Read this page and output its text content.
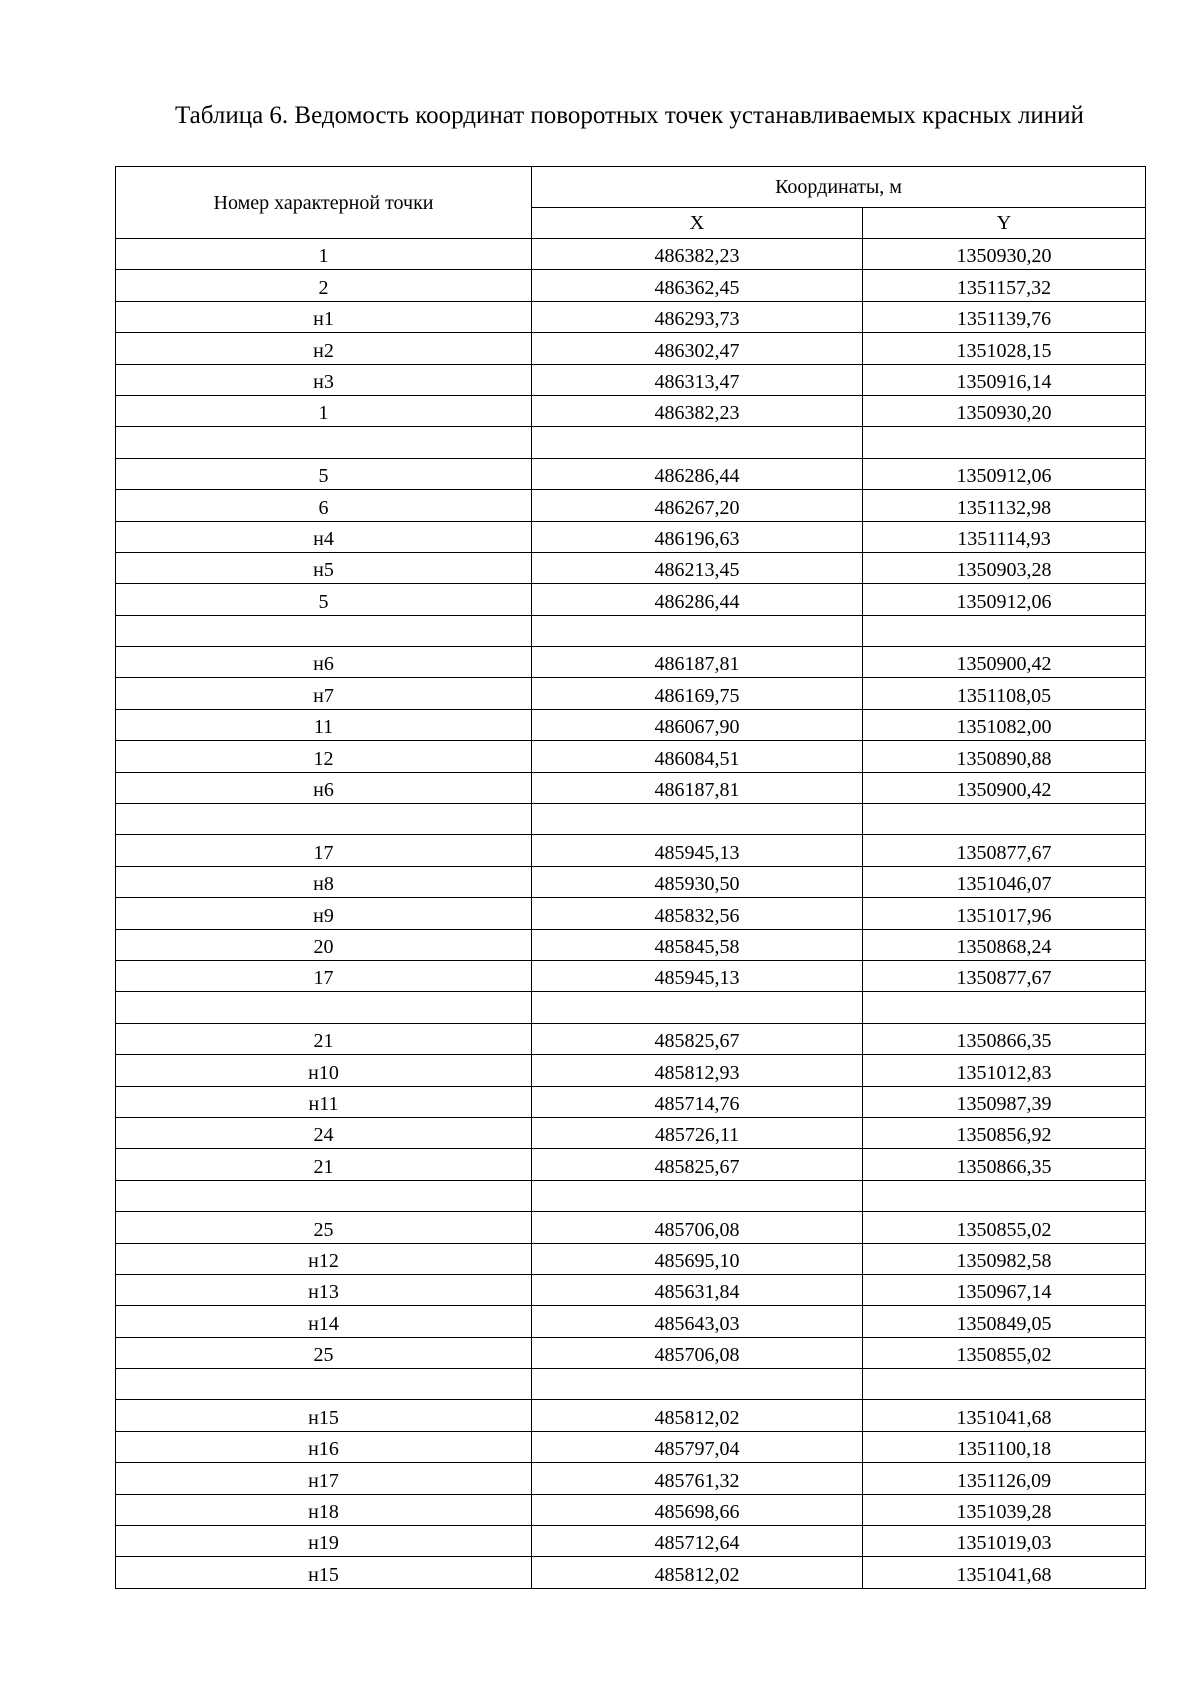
Таблица 6. Ведомость координат поворотных точек устанавливаемых красных линий
Номер характерной точки	Координаты, м	
	X	Y
1	486382,23	1350930,20
2	486362,45	1351157,32
н1	486293,73	1351139,76
н2	486302,47	1351028,15
н3	486313,47	1350916,14
1	486382,23	1350930,20

5	486286,44	1350912,06
6	486267,20	1351132,98
н4	486196,63	1351114,93
н5	486213,45	1350903,28
5	486286,44	1350912,06

н6	486187,81	1350900,42
н7	486169,75	1351108,05
11	486067,90	1351082,00
12	486084,51	1350890,88
н6	486187,81	1350900,42

17	485945,13	1350877,67
н8	485930,50	1351046,07
н9	485832,56	1351017,96
20	485845,58	1350868,24
17	485945,13	1350877,67

21	485825,67	1350866,35
н10	485812,93	1351012,83
н11	485714,76	1350987,39
24	485726,11	1350856,92
21	485825,67	1350866,35

25	485706,08	1350855,02
н12	485695,10	1350982,58
н13	485631,84	1350967,14
н14	485643,03	1350849,05
25	485706,08	1350855,02

н15	485812,02	1351041,68
н16	485797,04	1351100,18
н17	485761,32	1351126,09
н18	485698,66	1351039,28
н19	485712,64	1351019,03
н15	485812,02	1351041,68
